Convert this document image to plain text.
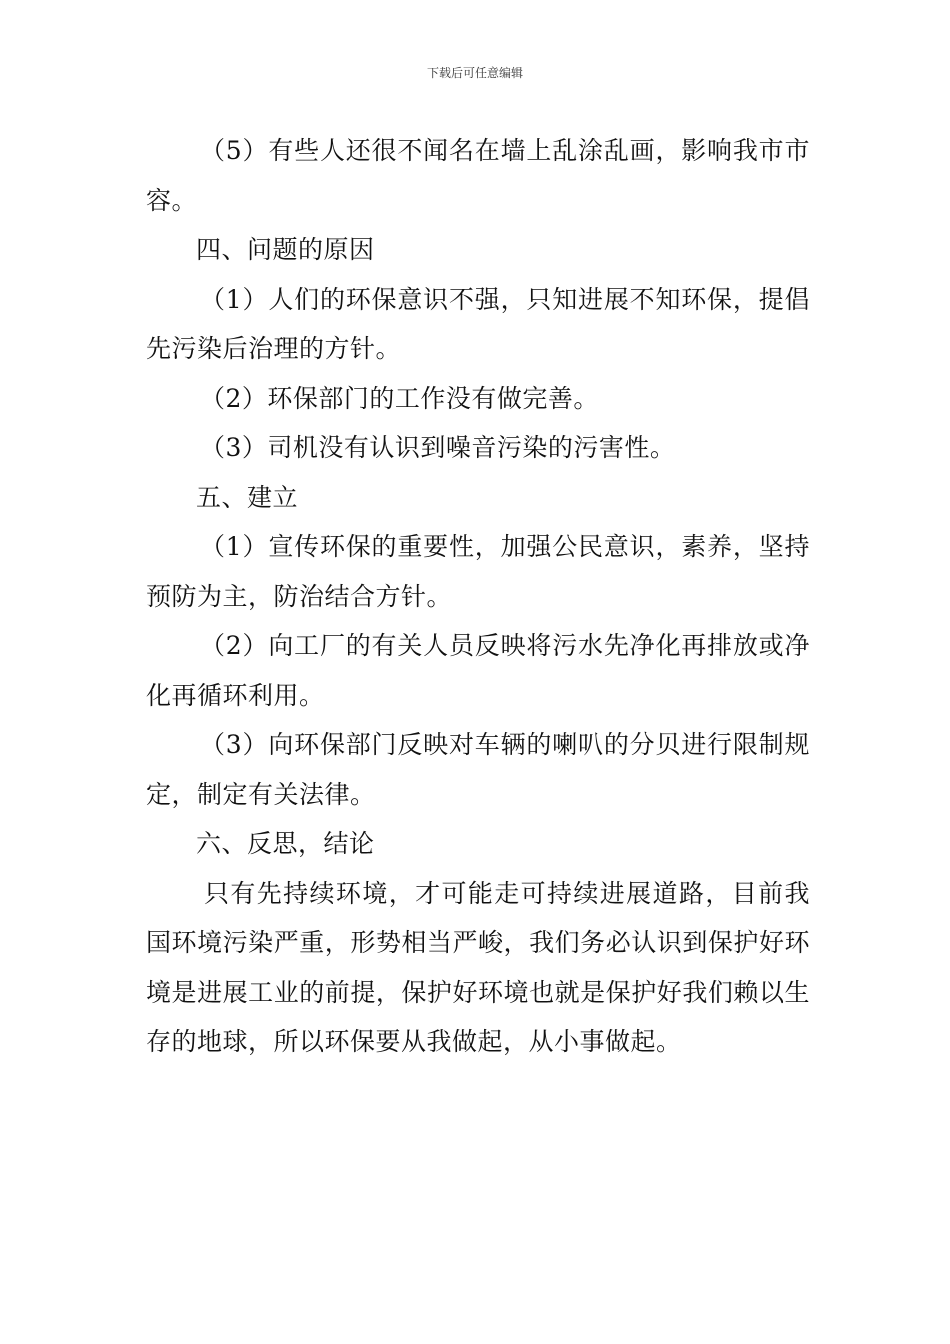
下载后可任意编辑

（5）有些人还很不闻名在墙上乱涂乱画，影响我市市容。

四、问题的原因

（1）人们的环保意识不强，只知进展不知环保，提倡先污染后治理的方针。

（2）环保部门的工作没有做完善。

（3）司机没有认识到噪音污染的污害性。

五、建立

（1）宣传环保的重要性，加强公民意识，素养，坚持预防为主，防治结合方针。

（2）向工厂的有关人员反映将污水先净化再排放或净化再循环利用。

（3）向环保部门反映对车辆的喇叭的分贝进行限制规定，制定有关法律。

六、反思，结论

只有先持续环境，才可能走可持续进展道路，目前我国环境污染严重，形势相当严峻，我们务必认识到保护好环境是进展工业的前提，保护好环境也就是保护好我们赖以生存的地球，所以环保要从我做起，从小事做起。
